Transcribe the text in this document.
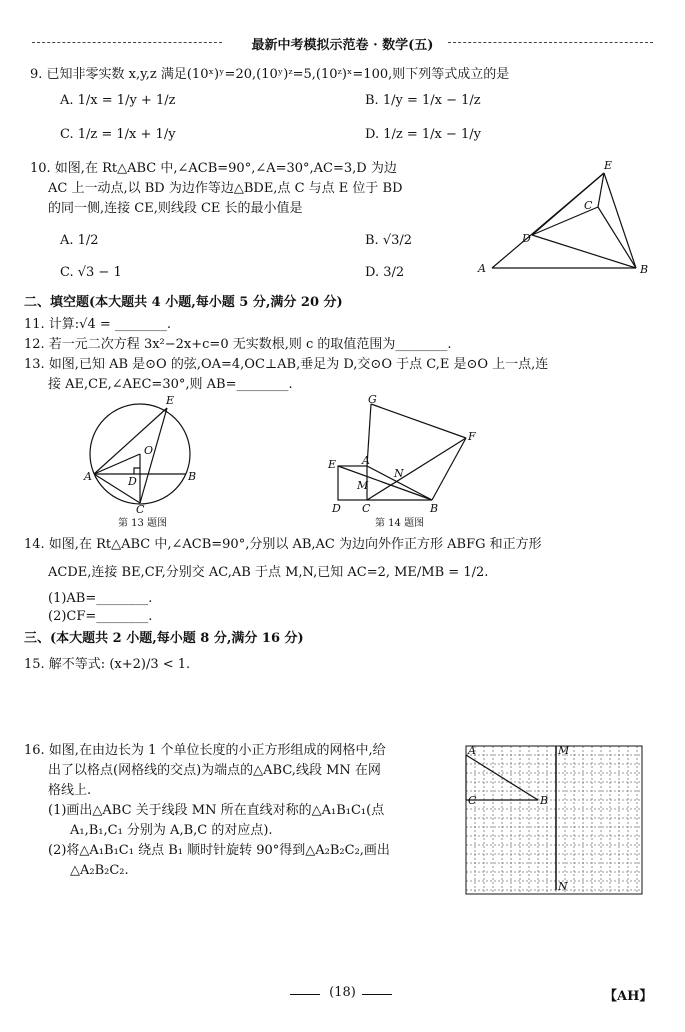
最新中考模拟示范卷 · 数学(五)
9. 已知非零实数 x,y,z 满足(10ˣ)ʸ=20,(10ʸ)ᶻ=5,(10ᶻ)ˣ=100,则下列等式成立的是
A. 1/x = 1/y + 1/z	B. 1/y = 1/x − 1/z
C. 1/z = 1/x + 1/y	D. 1/z = 1/x − 1/y
10. 如图,在 Rt△ABC 中,∠ACB=90°,∠A=30°,AC=3,D 为边
AC 上一动点,以 BD 为边作等边△BDE,点 C 与点 E 位于 BD
的同一侧,连接 CE,则线段 CE 长的最小值是
A. 1/2	B. √3/2
C. √3 − 1	D. 3/2
E
C
D
A	B
二、填空题(本大题共 4 小题,每小题 5 分,满分 20 分)
11. 计算:√4 = ________.
12. 若一元二次方程 3x²−2x+c=0 无实数根,则 c 的取值范围为________.
13. 如图,已知 AB 是⊙O 的弦,OA=4,OC⊥AB,垂足为 D,交⊙O 于点 C,E 是⊙O 上一点,连
接 AE,CE,∠AEC=30°,则 AB=________.
E
O
A	D	B
C
第 13 题图
G
F
E A
N
M
D C	B
第 14 题图
14. 如图,在 Rt△ABC 中,∠ACB=90°,分别以 AB,AC 为边向外作正方形 ABFG 和正方形
ACDE,连接 BE,CF,分别交 AC,AB 于点 M,N,已知 AC=2, ME/MB = 1/2.
(1)AB=________.
(2)CF=________.
三、(本大题共 2 小题,每小题 8 分,满分 16 分)
15. 解不等式: (x+2)/3 < 1.
16. 如图,在由边长为 1 个单位长度的小正方形组成的网格中,给
出了以格点(网格线的交点)为端点的△ABC,线段 MN 在网
格线上.
(1)画出△ABC 关于线段 MN 所在直线对称的△A₁B₁C₁(点
A₁,B₁,C₁ 分别为 A,B,C 的对应点).
(2)将△A₁B₁C₁ 绕点 B₁ 顺时针旋转 90°得到△A₂B₂C₂,画出
△A₂B₂C₂.
A	M
C	B
N
(18)	【AH】
